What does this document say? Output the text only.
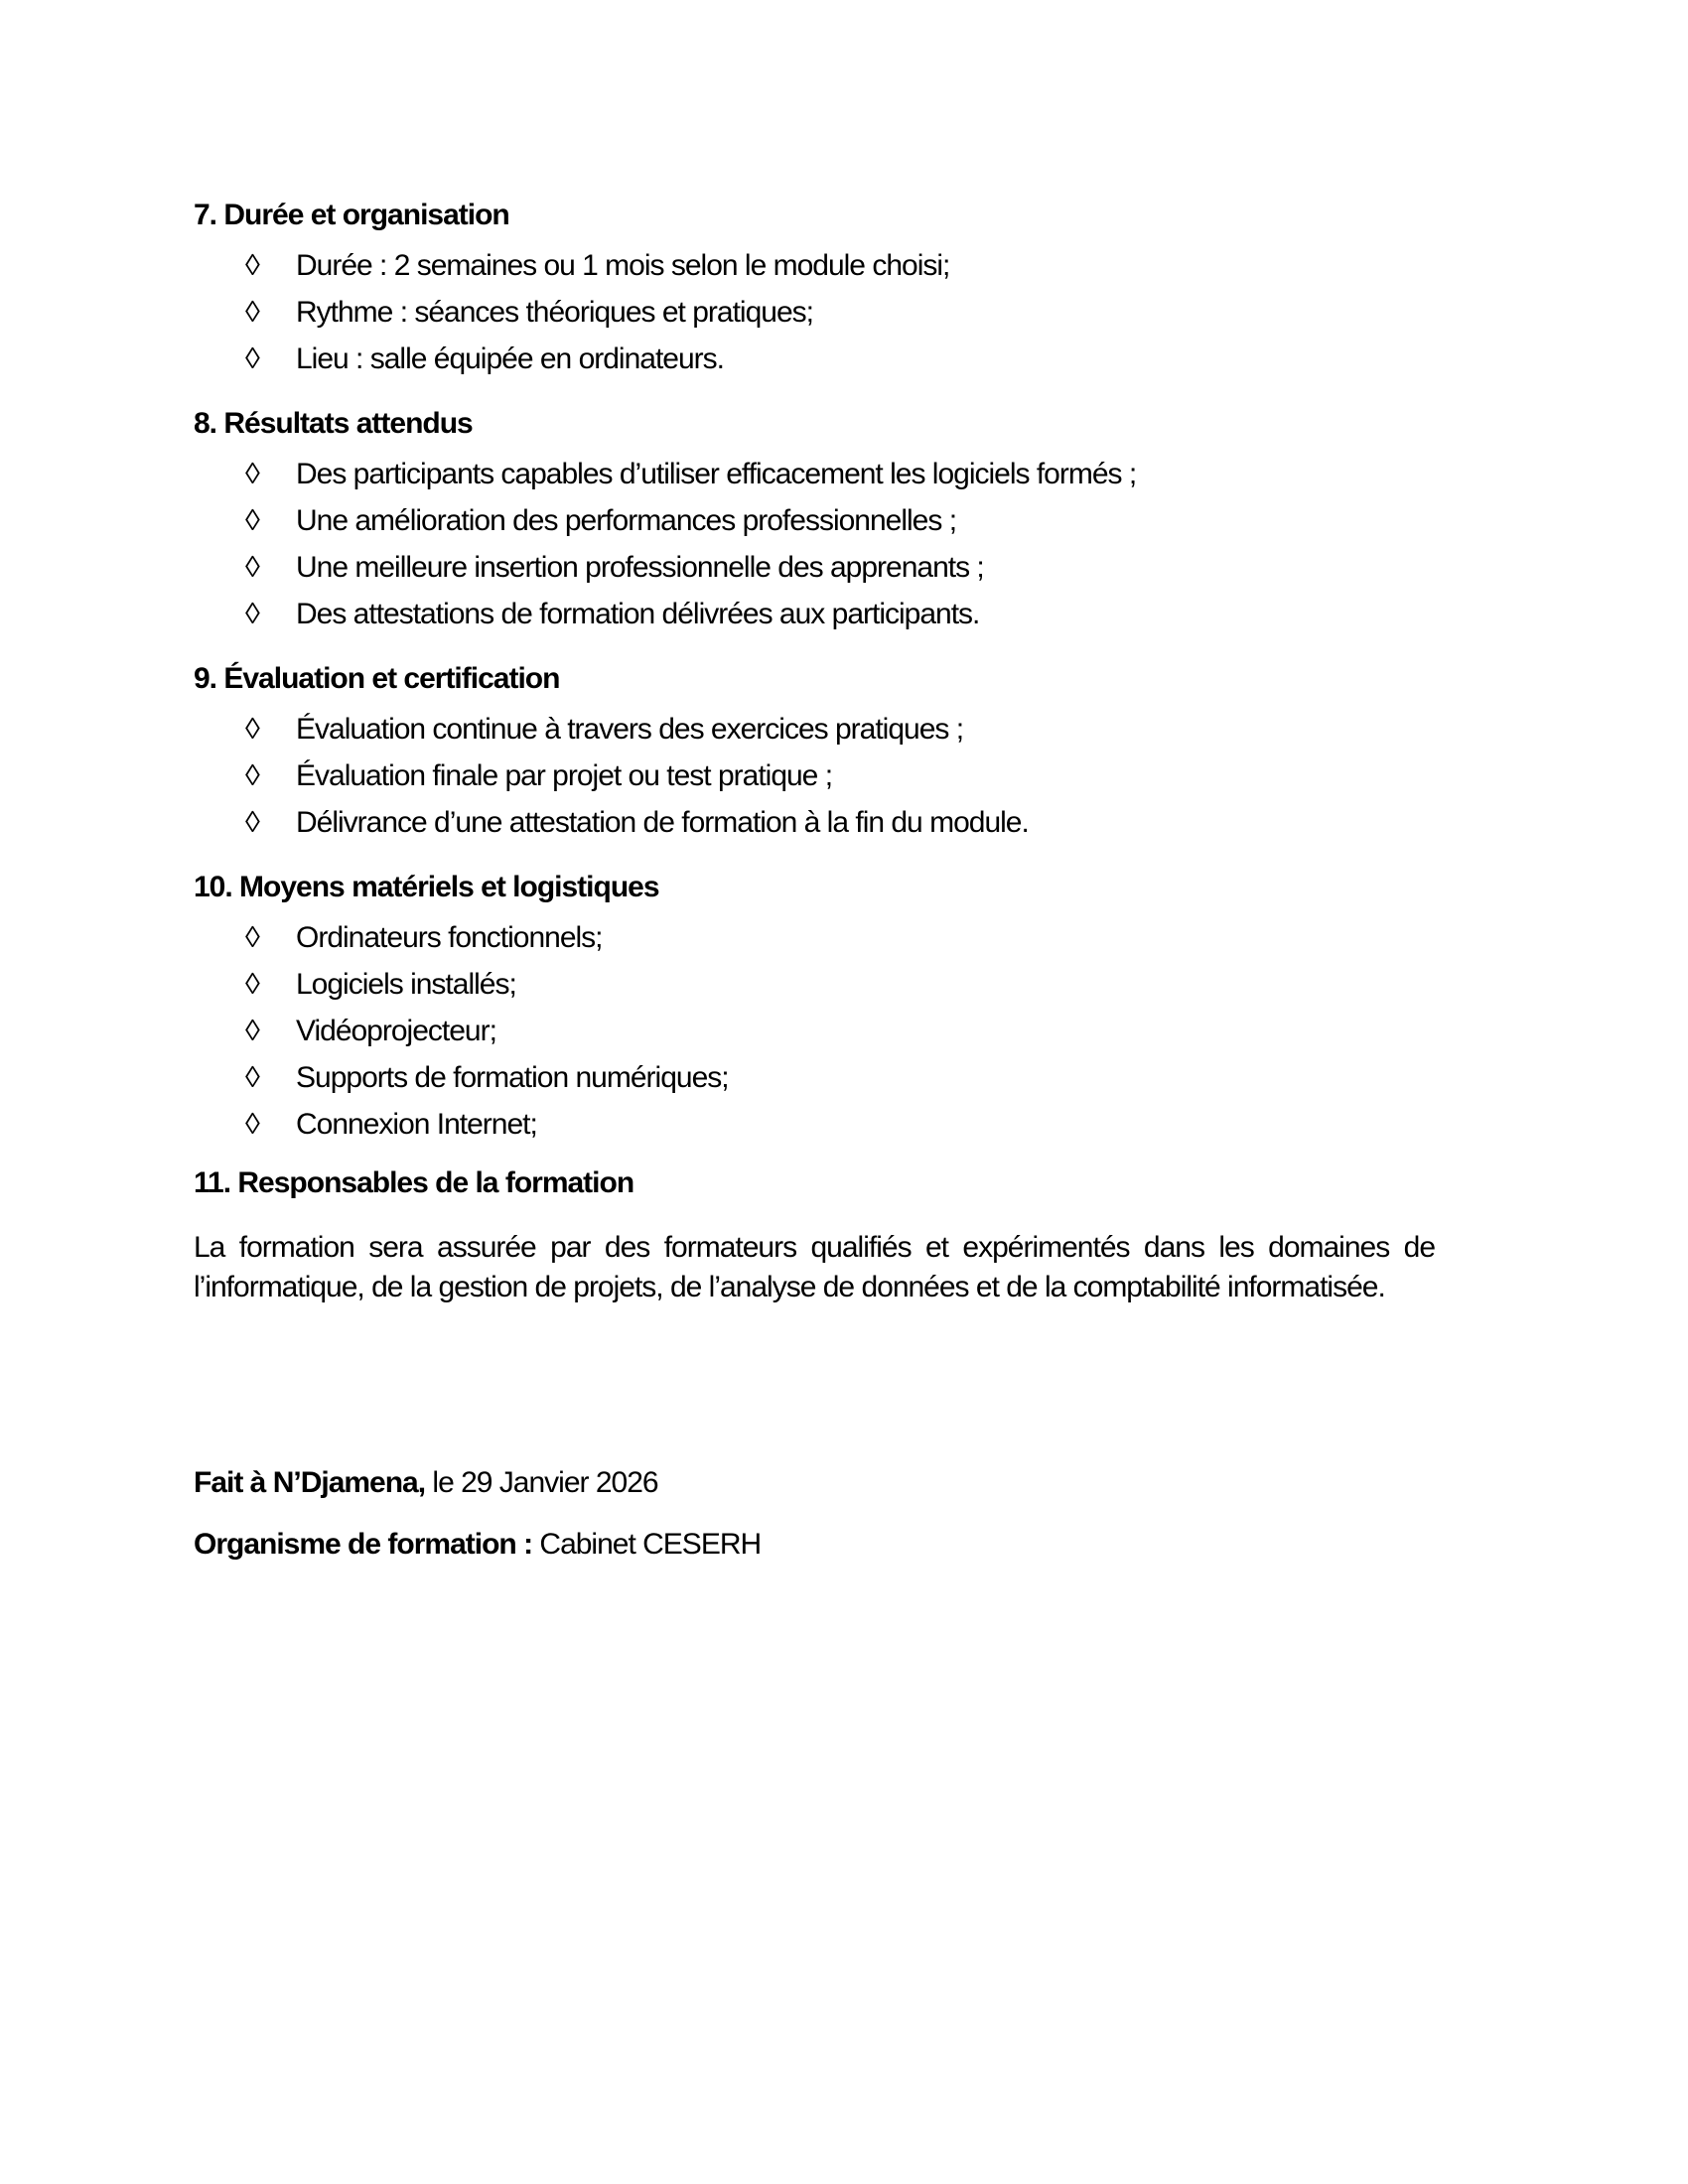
7. Durée et organisation
◊ Durée : 2 semaines ou 1 mois selon le module choisi;
◊ Rythme : séances théoriques et pratiques;
◊ Lieu : salle équipée en ordinateurs.
8. Résultats attendus
◊ Des participants capables d’utiliser efficacement les logiciels formés ;
◊ Une amélioration des performances professionnelles ;
◊ Une meilleure insertion professionnelle des apprenants ;
◊ Des attestations de formation délivrées aux participants.
9. Évaluation et certification
◊ Évaluation continue à travers des exercices pratiques ;
◊ Évaluation finale par projet ou test pratique ;
◊ Délivrance d’une attestation de formation à la fin du module.
10. Moyens matériels et logistiques
◊ Ordinateurs fonctionnels;
◊ Logiciels installés;
◊ Vidéoprojecteur;
◊ Supports de formation numériques;
◊ Connexion Internet;
11. Responsables de la formation
La formation sera assurée par des formateurs qualifiés et expérimentés dans les domaines de
l’informatique, de la gestion de projets, de l’analyse de données et de la comptabilité informatisée.
Fait à N’Djamena, le 29 Janvier 2026
Organisme de formation : Cabinet CESERH
